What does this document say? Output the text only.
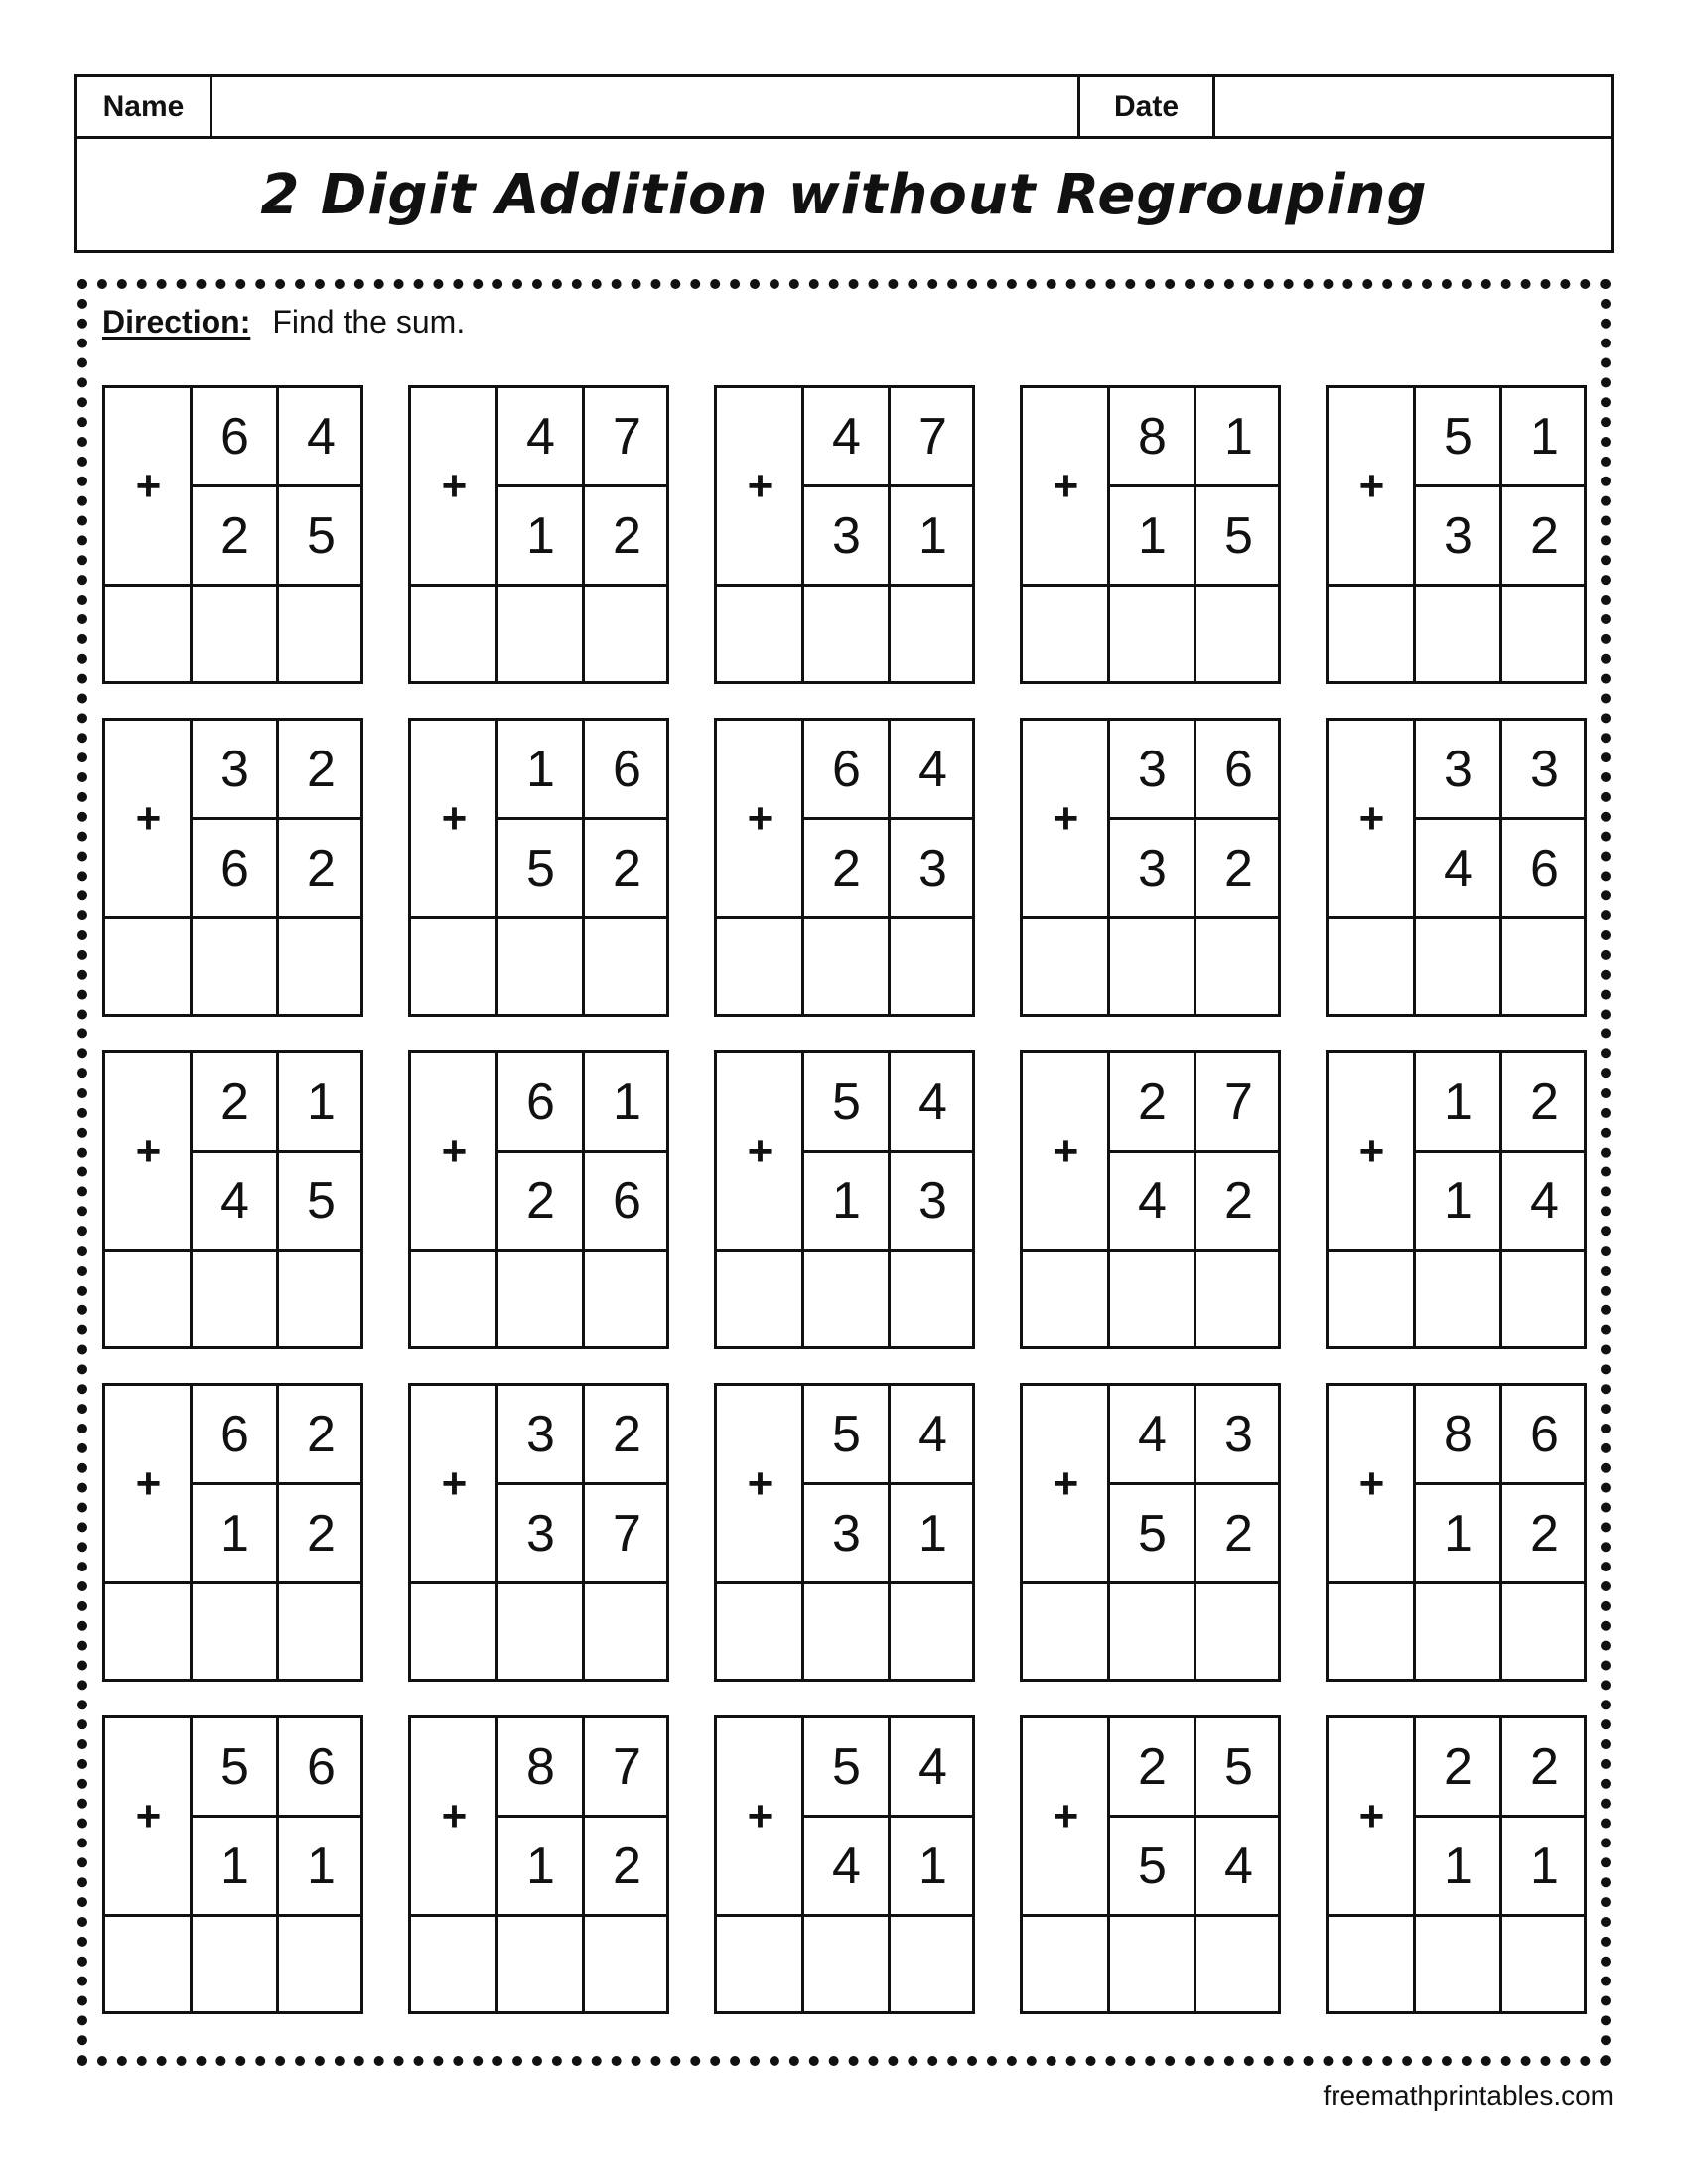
Name	Date
2 Digit Addition without Regrouping
Direction: Find the sum.
+
6	4
2	5
+
4	7
1	2
+
4	7
3	1
+
8	1
1	5
+
5	1
3	2
+
3	2
6	2
+
1	6
5	2
+
6	4
2	3
+
3	6
3	2
+
3	3
4	6
+
2	1
4	5
+
6	1
2	6
+
5	4
1	3
+
2	7
4	2
+
1	2
1	4
+
6	2
1	2
+
3	2
3	7
+
5	4
3	1
+
4	3
5	2
+
8	6
1	2
+
5	6
1	1
+
8	7
1	2
+
5	4
4	1
+
2	5
5	4
+
2	2
1	1
freemathprintables.com
